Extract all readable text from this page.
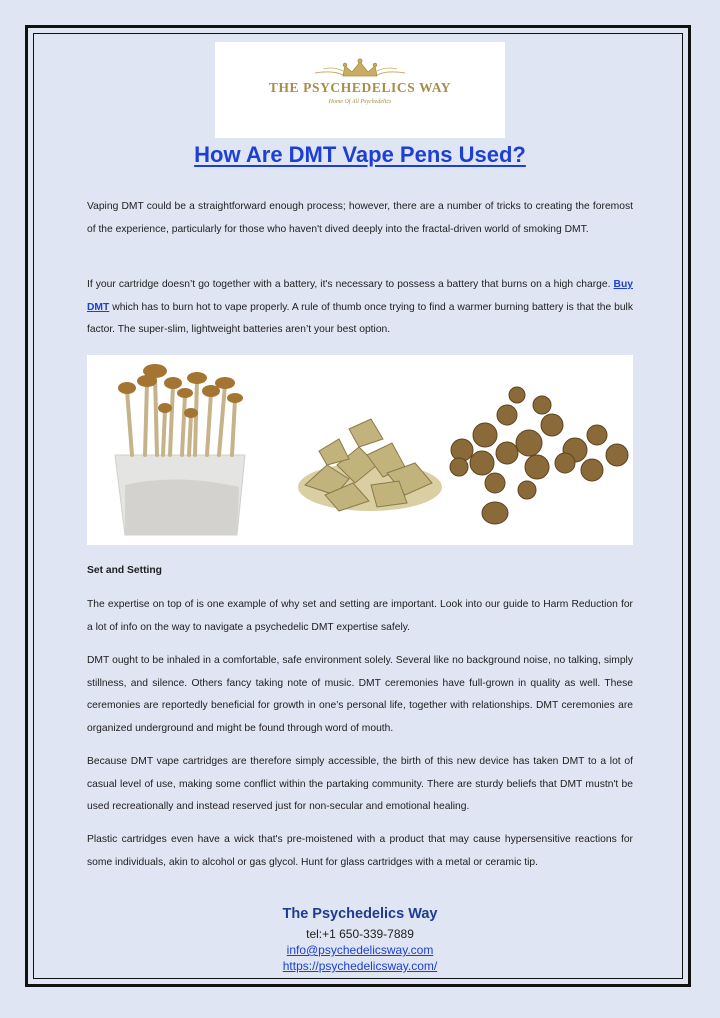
THE PSYCHEDELICS WAY
Home Of All Psychedelics
How Are DMT Vape Pens Used?

Vaping DMT could be a straightforward enough process; however, there are a number of tricks to creating the foremost of the experience, particularly for those who haven't dived deeply into the fractal-driven world of smoking DMT.

If your cartridge doesn’t go together with a battery, it's necessary to possess a battery that burns on a high charge. Buy DMT which has to burn hot to vape properly. A rule of thumb once trying to find a warmer burning battery is that the bulk factor. The super-slim, lightweight batteries aren’t your best option.

Set and Setting

The expertise on top of is one example of why set and setting are important. Look into our guide to Harm Reduction for a lot of info on the way to navigate a psychedelic DMT expertise safely.

DMT ought to be inhaled in a comfortable, safe environment solely. Several like no background noise, no talking, simply stillness, and silence. Others fancy taking note of music. DMT ceremonies have full-grown in quality as well. These ceremonies are reportedly beneficial for growth in one’s personal life, together with relationships. DMT ceremonies are organized underground and might be found through word of mouth.

Because DMT vape cartridges are therefore simply accessible, the birth of this new device has taken DMT to a lot of casual level of use, making some conflict within the partaking community. There are sturdy beliefs that DMT mustn't be used recreationally and instead reserved just for non-secular and emotional healing.

Plastic cartridges even have a wick that's pre-moistened with a product that may cause hypersensitive reactions for some individuals, akin to alcohol or gas glycol. Hunt for glass cartridges with a metal or ceramic tip.

The Psychedelics Way
tel:+1 650-339-7889
info@psychedelicsway.com
https://psychedelicsway.com/
